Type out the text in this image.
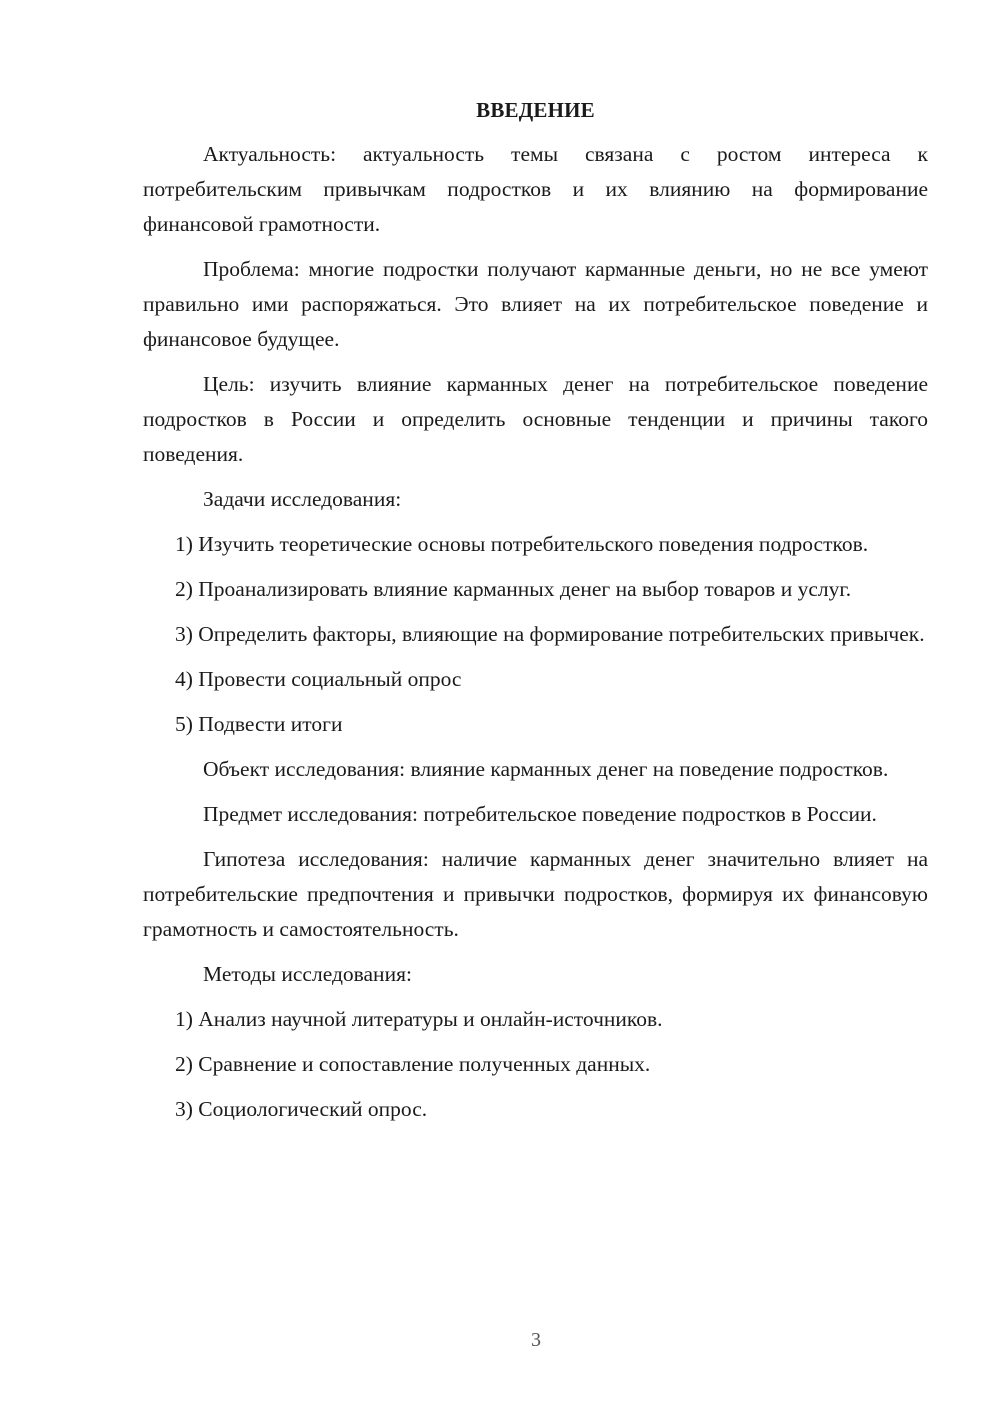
ВВЕДЕНИЕ

Актуальность: актуальность темы связана с ростом интереса к потребительским привычкам подростков и их влиянию на формирование финансовой грамотности.

Проблема: многие подростки получают карманные деньги, но не все умеют правильно ими распоряжаться. Это влияет на их потребительское поведение и финансовое будущее.

Цель: изучить влияние карманных денег на потребительское поведение подростков в России и определить основные тенденции и причины такого поведения.

Задачи исследования:

1) Изучить теоретические основы потребительского поведения подростков.

2) Проанализировать влияние карманных денег на выбор товаров и услуг.

3) Определить факторы, влияющие на формирование потребительских привычек.

4) Провести социальный опрос

5) Подвести итоги

Объект исследования: влияние карманных денег на поведение подростков.

Предмет исследования: потребительское поведение подростков в России.

Гипотеза исследования: наличие карманных денег значительно влияет на потребительские предпочтения и привычки подростков, формируя их финансовую грамотность и самостоятельность.

Методы исследования:

1) Анализ научной литературы и онлайн-источников.

2) Сравнение и сопоставление полученных данных.

3) Социологический опрос.

3
